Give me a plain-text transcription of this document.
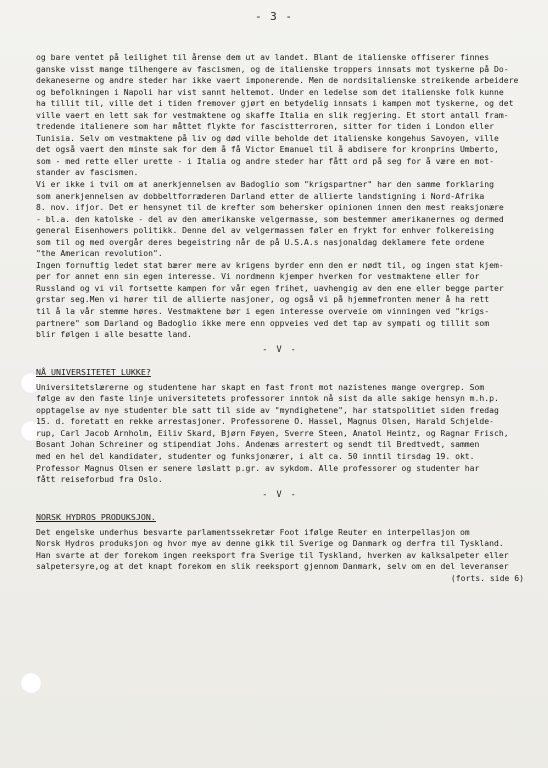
- 3 -
og bare ventet på leilighet til årense dem ut av landet. Blant de italienske offiserer finnes
ganske visst mange tilhengere av fascismen, og de italienske troppers innsats mot tyskerne på Do-
dekaneserne og andre steder har ikke vaert imponerende. Men de nordsitalienske streikende arbeidere
og befolkningen i Napoli har vist sannt heltemot. Under en ledelse som det italienske folk kunne
ha tillit til, ville det i tiden fremover gjørt en betydelig innsats i kampen mot tyskerne, og det
ville vaert en lett sak for vestmaktene og skaffe Italia en slik regjering. Et stort antall fram-
tredende italienere som har måttet flykte for fascistterroren, sitter for tiden i London eller
Tunisia. Selv om vestmaktene på liv og død ville beholde det italienske kongehus Savoyen, ville
det også vaert den minste sak for dem å få Victor Emanuel til å abdisere for kronprins Umberto,
som - med rette eller urette - i Italia og andre steder har fått ord på seg for å være en mot-
stander av fascismen.
Vi er ikke i tvil om at anerkjennelsen av Badoglio som "krigspartner" har den samme forklaring
som anerkjennelsen av dobbeltforræderen Darland etter de allierte landstigning i Nord-Afrika
8. nov. ifjor. Det er hensynet til de krefter som behersker opinionen innen den mest reaksjonære
- bl.a. den katolske - del av den amerikanske velgermasse, som bestemmer amerikanernes og dermed
general Eisenhowers politikk. Denne del av velgermassen føler en frykt for enhver folkereising
som til og med overgår deres begeistring når de på U.S.A.s nasjonaldag deklamere fete ordene
"the American revolution".
Ingen fornuftig ledet stat bærer mere av krigens byrder enn den er nødt til, og ingen stat kjem-
per for annet enn sin egen interesse. Vi nordmenn kjemper hverken for vestmaktene eller for
Russland og vi vil fortsette kampen for vår egen frihet, uavhengig av den ene eller begge parter
grstar seg.Men vi hører til de allierte nasjoner, og også vi på hjemmefronten mener å ha rett
til å la vår stemme høres. Vestmaktene bør i egen interesse overveie om vinningen ved "krigs-
partnere" som Darland og Badoglio ikke mere enn oppveies ved det tap av sympati og tillit som
blir følgen i alle besatte land.
- V -
NÅ UNIVERSITETET LUKKE?
Universitetslærerne og studentene har skapt en fast front mot nazistenes mange overgrep. Som
følge av den faste linje universitetets professorer inntok nå sist da alle sakige hensyn m.h.p.
opptagelse av nye studenter ble satt til side av "myndighetene", har statspolitiet siden fredag
15. d. foretatt en rekke arrestasjoner. Professorene O. Hassel, Magnus Olsen, Harald Schjelde-
rup, Carl Jacob Arnholm, Eiliv Skard, Bjørn Føyen, Sverre Steen, Anatol Heintz, og Ragnar Frisch,
Bosant Johan Schreiner og stipendiat Johs. Andenæs arrestert og sendt til Bredtvedt, sammen
med en hel del kandidater, studenter og funksjonærer, i alt ca. 50 inntil tirsdag 19. okt.
Professor Magnus Olsen er senere løslatt p.gr. av sykdom. Alle professorer og studenter har
fått reiseforbud fra Oslo.
- V -
NORSK HYDROS PRODUKSJON.
Det engelske underhus besvarte parlamentssekretær Foot ifølge Reuter en interpellasjon om
Norsk Hydros produksjon og hvor mye av denne gikk til Sverige og Danmark og derfra til Tyskland.
Han svarte at der forekom ingen reeksport fra Sverige til Tyskland, hverken av kalksalpeter eller
salpetersyre,og at det knapt forekom en slik reeksport gjennom Danmark, selv om en del leveranser
(forts. side 6)
